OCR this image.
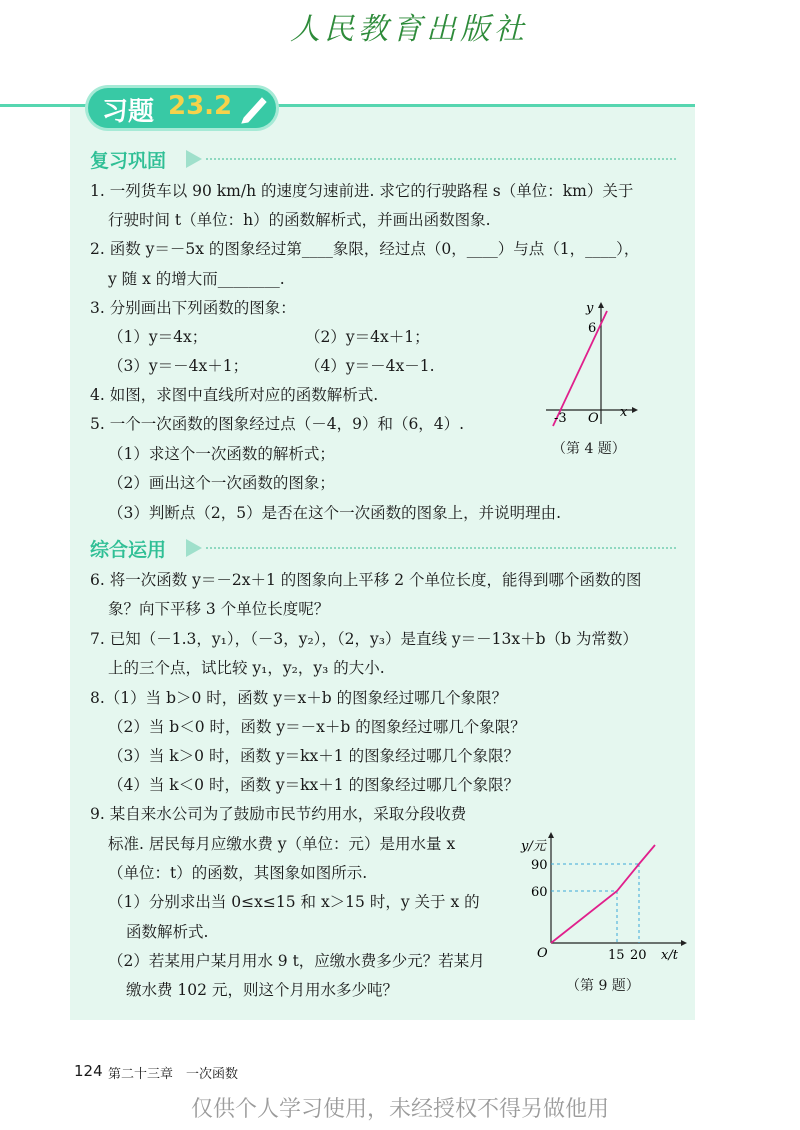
人民教育出版社
习题 23.2
复习巩固
综合运用
1. 一列货车以 90 km/h 的速度匀速前进. 求它的行驶路程 s（单位：km）关于
行驶时间 t（单位：h）的函数解析式，并画出函数图象.
2. 函数 y＝－5x 的图象经过第____象限，经过点（0，____）与点（1，____），
y 随 x 的增大而________.
3. 分别画出下列函数的图象：
（1）y＝4x；	（2）y＝4x＋1；
（3）y＝－4x＋1；	（4）y＝－4x－1.
4. 如图，求图中直线所对应的函数解析式.
5. 一个一次函数的图象经过点（－4，9）和（6，4）.
（1）求这个一次函数的解析式；
（2）画出这个一次函数的图象；
（3）判断点（2，5）是否在这个一次函数的图象上，并说明理由.
6. 将一次函数 y＝－2x＋1 的图象向上平移 2 个单位长度，能得到哪个函数的图
象？向下平移 3 个单位长度呢？
7. 已知（－1.3，y₁），（－3，y₂），（2，y₃）是直线 y＝－13x＋b（b 为常数）
上的三个点，试比较 y₁，y₂，y₃ 的大小.
8.（1）当 b＞0 时，函数 y＝x＋b 的图象经过哪几个象限？
（2）当 b＜0 时，函数 y＝－x＋b 的图象经过哪几个象限？
（3）当 k＞0 时，函数 y＝kx＋1 的图象经过哪几个象限？
（4）当 k＜0 时，函数 y＝kx＋1 的图象经过哪几个象限？
9. 某自来水公司为了鼓励市民节约用水，采取分段收费
标准. 居民每月应缴水费 y（单位：元）是用水量 x
（单位：t）的函数，其图象如图所示.
（1）分别求出当 0≤x≤15 和 x＞15 时，y 关于 x 的
函数解析式.
（2）若某用户某月用水 9 t，应缴水费多少元？若某月
缴水费 102 元，则这个月用水多少吨？
y
x
O
6
-3
（第 4 题）
y/元
x/t
O
60
90
15 20
（第 9 题）
124 第二十三章　一次函数
仅供个人学习使用，未经授权不得另做他用
